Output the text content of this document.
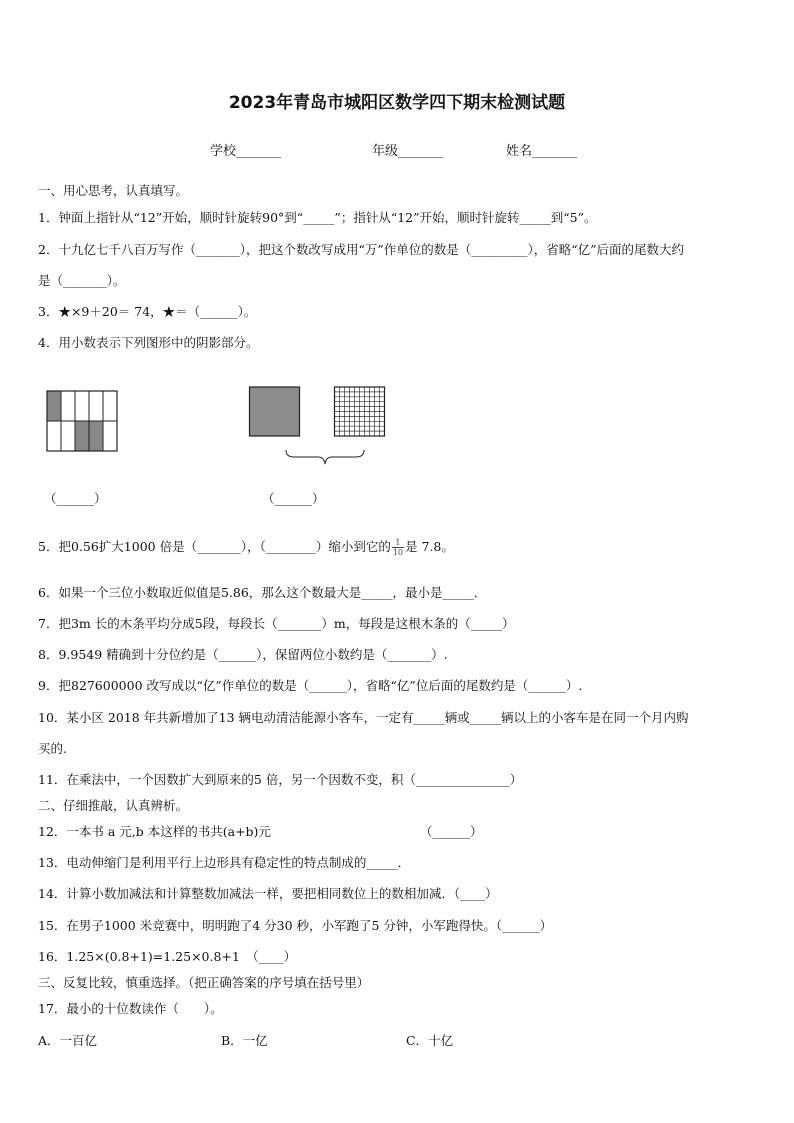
2023年青岛市城阳区数学四下期末检测试题
学校_______	年级_______	姓名_______
一、用心思考，认真填写。
1．钟面上指针从“12”开始，顺时针旋转90°到“_____”；指针从“12”开始，顺时针旋转_____到“5”。
2．十九亿七千八百万写作（_______），把这个数改写成用“万”作单位的数是（_________），省略“亿”后面的尾数大约
是（_______）。
3．★×9＋20＝ 74，★＝（______）。
4．用小数表示下列图形中的阴影部分。
（______）	（______）
5．把0.56扩大1000 倍是（_______），（________）缩小到它的 $\frac{1}{10}$ 是 7.8。
6．如果一个三位小数取近似值是5.86，那么这个数最大是_____，最小是_____．
7．把3m 长的木条平均分成5段，每段长（_______）m，每段是这根木条的（_____）
8．9.9549 精确到十分位约是（______），保留两位小数约是（_______）.
9．把827600000 改写成以“亿”作单位的数是（______），省略“亿”位后面的尾数约是（______）.
10．某小区 2018 年共新增加了13 辆电动清洁能源小客车，一定有_____辆或_____辆以上的小客车是在同一个月内购
买的.
11．在乘法中，一个因数扩大到原来的5 倍，另一个因数不变，积（_______________）
二、仔细推敲，认真辨析。
12．一本书 a 元,b 本这样的书共(a+b)元	（______）
13．电动伸缩门是利用平行上边形具有稳定性的特点制成的_____．
14．计算小数加减法和计算整数加减法一样，要把相同数位上的数相加减．（____）
15．在男子1000 米竞赛中，明明跑了4 分30 秒，小军跑了5 分钟，小军跑得快。（______）
16．1.25×(0.8+1)=1.25×0.8+1　（____）
三、反复比较，慎重选择。（把正确答案的序号填在括号里）
17．最小的十位数读作（　　）。
A．一百亿	B．一亿	C．十亿
